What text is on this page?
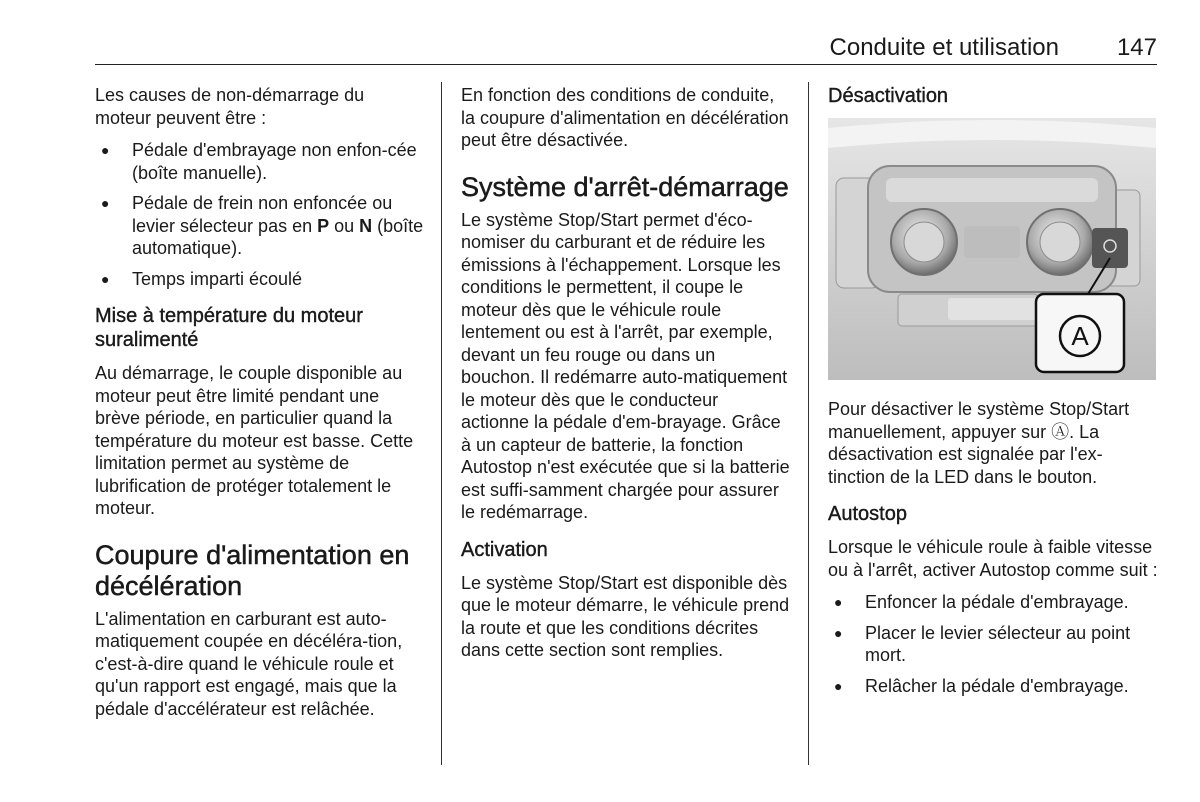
Conduite et utilisation 147

Les causes de non-démarrage du moteur peuvent être :

● Pédale d'embrayage non enfon-cée (boîte manuelle).
● Pédale de frein non enfoncée ou levier sélecteur pas en P ou N (boîte automatique).
● Temps imparti écoulé
Mise à température du moteur suralimenté

Au démarrage, le couple disponible au moteur peut être limité pendant une brève période, en particulier quand la température du moteur est basse. Cette limitation permet au système de lubrification de protéger totalement le moteur.

Coupure d'alimentation en décélération

L'alimentation en carburant est auto-matiquement coupée en décéléra-tion, c'est-à-dire quand le véhicule roule et qu'un rapport est engagé, mais que la pédale d'accélérateur est relâchée.

En fonction des conditions de conduite, la coupure d'alimentation en décélération peut être désactivée.

Système d'arrêt-démarrage

Le système Stop/Start permet d'éco-nomiser du carburant et de réduire les émissions à l'échappement. Lorsque les conditions le permettent, il coupe le moteur dès que le véhicule roule lentement ou est à l'arrêt, par exemple, devant un feu rouge ou dans un bouchon. Il redémarre auto-matiquement le moteur dès que le conducteur actionne la pédale d'em-brayage. Grâce à un capteur de batterie, la fonction Autostop n'est exécutée que si la batterie est suffi-samment chargée pour assurer le redémarrage.

Activation

Le système Stop/Start est disponible dès que le moteur démarre, le véhicule prend la route et que les conditions décrites dans cette section sont remplies.

Désactivation
A

Pour désactiver le système Stop/Start manuellement, appuyer sur Ⓐ. La désactivation est signalée par l'ex-tinction de la LED dans le bouton.

Autostop

Lorsque le véhicule roule à faible vitesse ou à l'arrêt, activer Autostop comme suit :

● Enfoncer la pédale d'embrayage.
● Placer le levier sélecteur au point mort.
● Relâcher la pédale d'embrayage.
